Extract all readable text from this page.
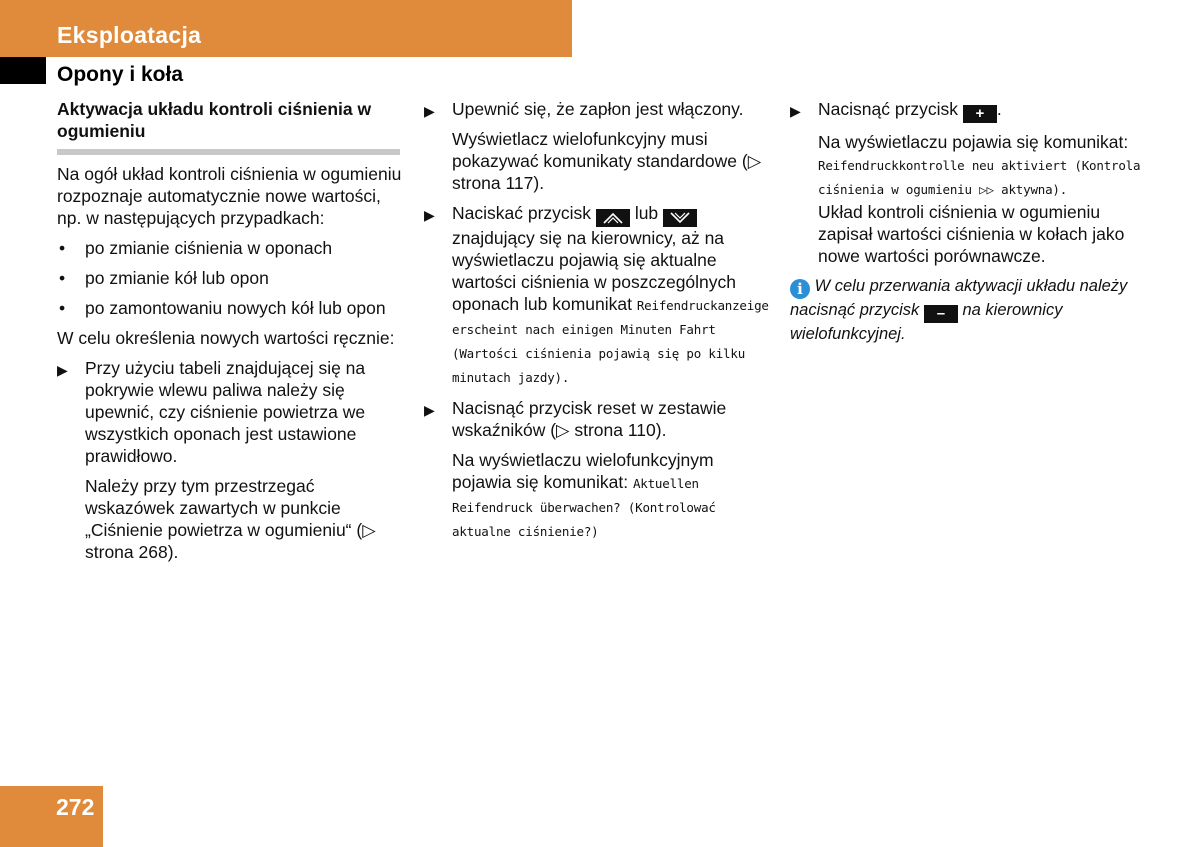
Eksploatacja
Opony i koła
Aktywacja układu kontroli ciśnienia w ogumieniu

Na ogół układ kontroli ciśnienia w ogumieniu rozpoznaje automatycznie nowe wartości, np. w następujących przypadkach:

• po zmianie ciśnienia w oponach
• po zmianie kół lub opon
• po zamontowaniu nowych kół lub opon

W celu określenia nowych wartości ręcznie:

▶ Przy użyciu tabeli znajdującej się na pokrywie wlewu paliwa należy się upewnić, czy ciśnienie powietrza we wszystkich oponach jest ustawione prawidłowo.
Należy przy tym przestrzegać wskazówek zawartych w punkcie „Ciśnienie powietrza w ogumieniu“ (▷ strona 268).
▶ Upewnić się, że zapłon jest włączony.
Wyświetlacz wielofunkcyjny musi pokazywać komunikaty standardowe (▷ strona 117).
▶ Naciskać przycisk	lub  znajdujący się na kierownicy, aż na wyświetlaczu pojawią się aktualne wartości ciśnienia w poszczególnych oponach lub komunikat Reifendruckanzeige erscheint nach einigen Minuten Fahrt (Wartości ciśnienia pojawią się po kilku minutach jazdy).
▶ Nacisnąć przycisk reset w zestawie wskaźników (▷ strona 110).
Na wyświetlaczu wielofunkcyjnym pojawia się komunikat: Aktuellen Reifendruck überwachen? (Kontrolować aktualne ciśnienie?)
▶ Nacisnąć przycisk + .
Na wyświetlaczu pojawia się komunikat: Reifendruckkontrolle neu aktiviert (Kontrola ciśnienia w ogumieniu ▷▷ aktywna).
Układ kontroli ciśnienia w ogumieniu zapisał wartości ciśnienia w kołach jako nowe wartości porównawcze.

i W celu przerwania aktywacji układu należy nacisnąć przycisk – na kierownicy wielofunkcyjnej.

272
